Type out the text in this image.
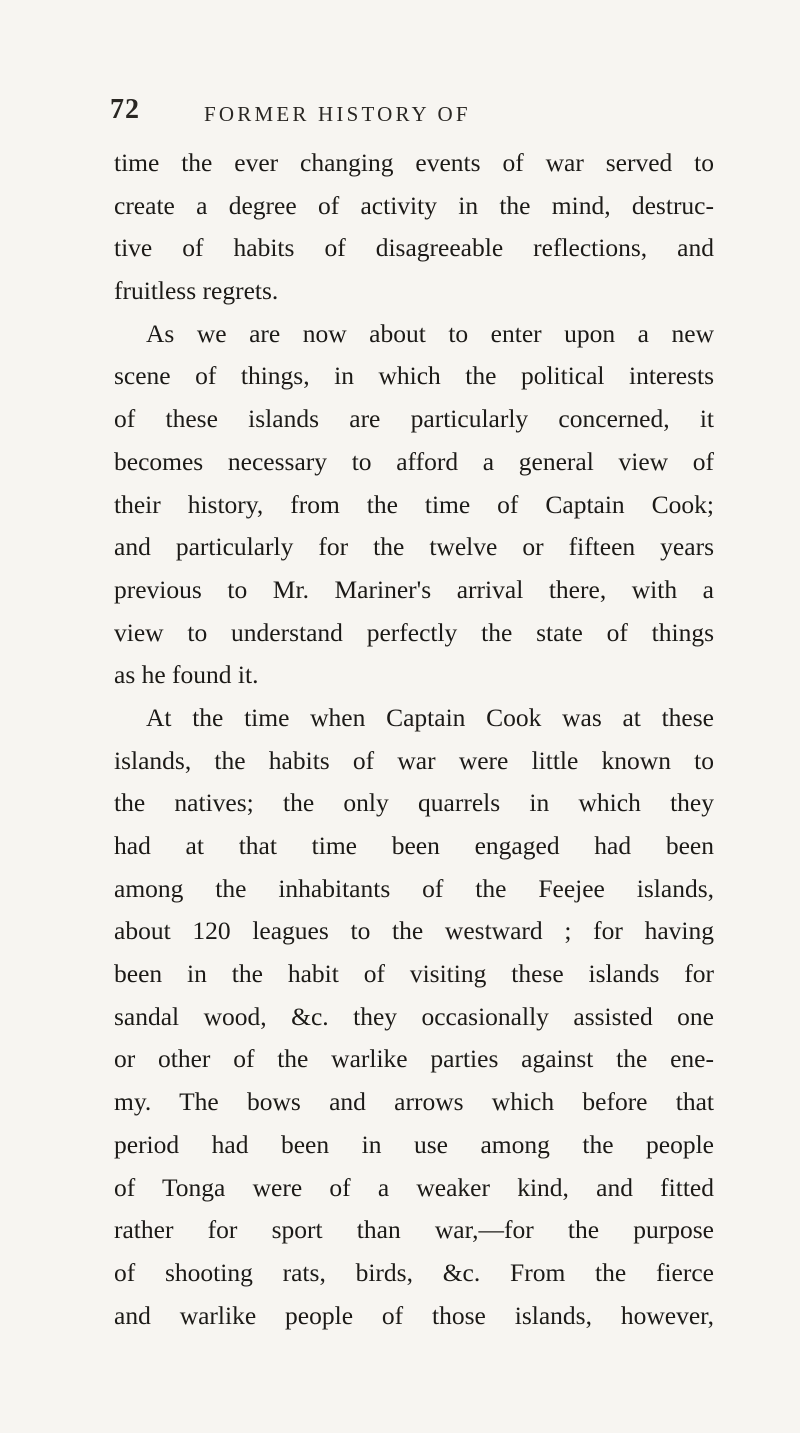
72	FORMER HISTORY OF
time the ever changing events of war served to
create a degree of activity in the mind, destruc-
tive of habits of disagreeable reflections, and
fruitless regrets.
As we are now about to enter upon a new
scene of things, in which the political interests
of these islands are particularly concerned, it
becomes necessary to afford a general view of
their history, from the time of Captain Cook;
and particularly for the twelve or fifteen years
previous to Mr. Mariner's arrival there, with a
view to understand perfectly the state of things
as he found it.
At the time when Captain Cook was at these
islands, the habits of war were little known to
the natives; the only quarrels in which they
had at that time been engaged had been
among the inhabitants of the Feejee islands,
about 120 leagues to the westward ; for having
been in the habit of visiting these islands for
sandal wood, &c. they occasionally assisted one
or other of the warlike parties against the ene-
my. The bows and arrows which before that
period had been in use among the people
of Tonga were of a weaker kind, and fitted
rather for sport than war,—for the purpose
of shooting rats, birds, &c. From the fierce
and warlike people of those islands, however,
